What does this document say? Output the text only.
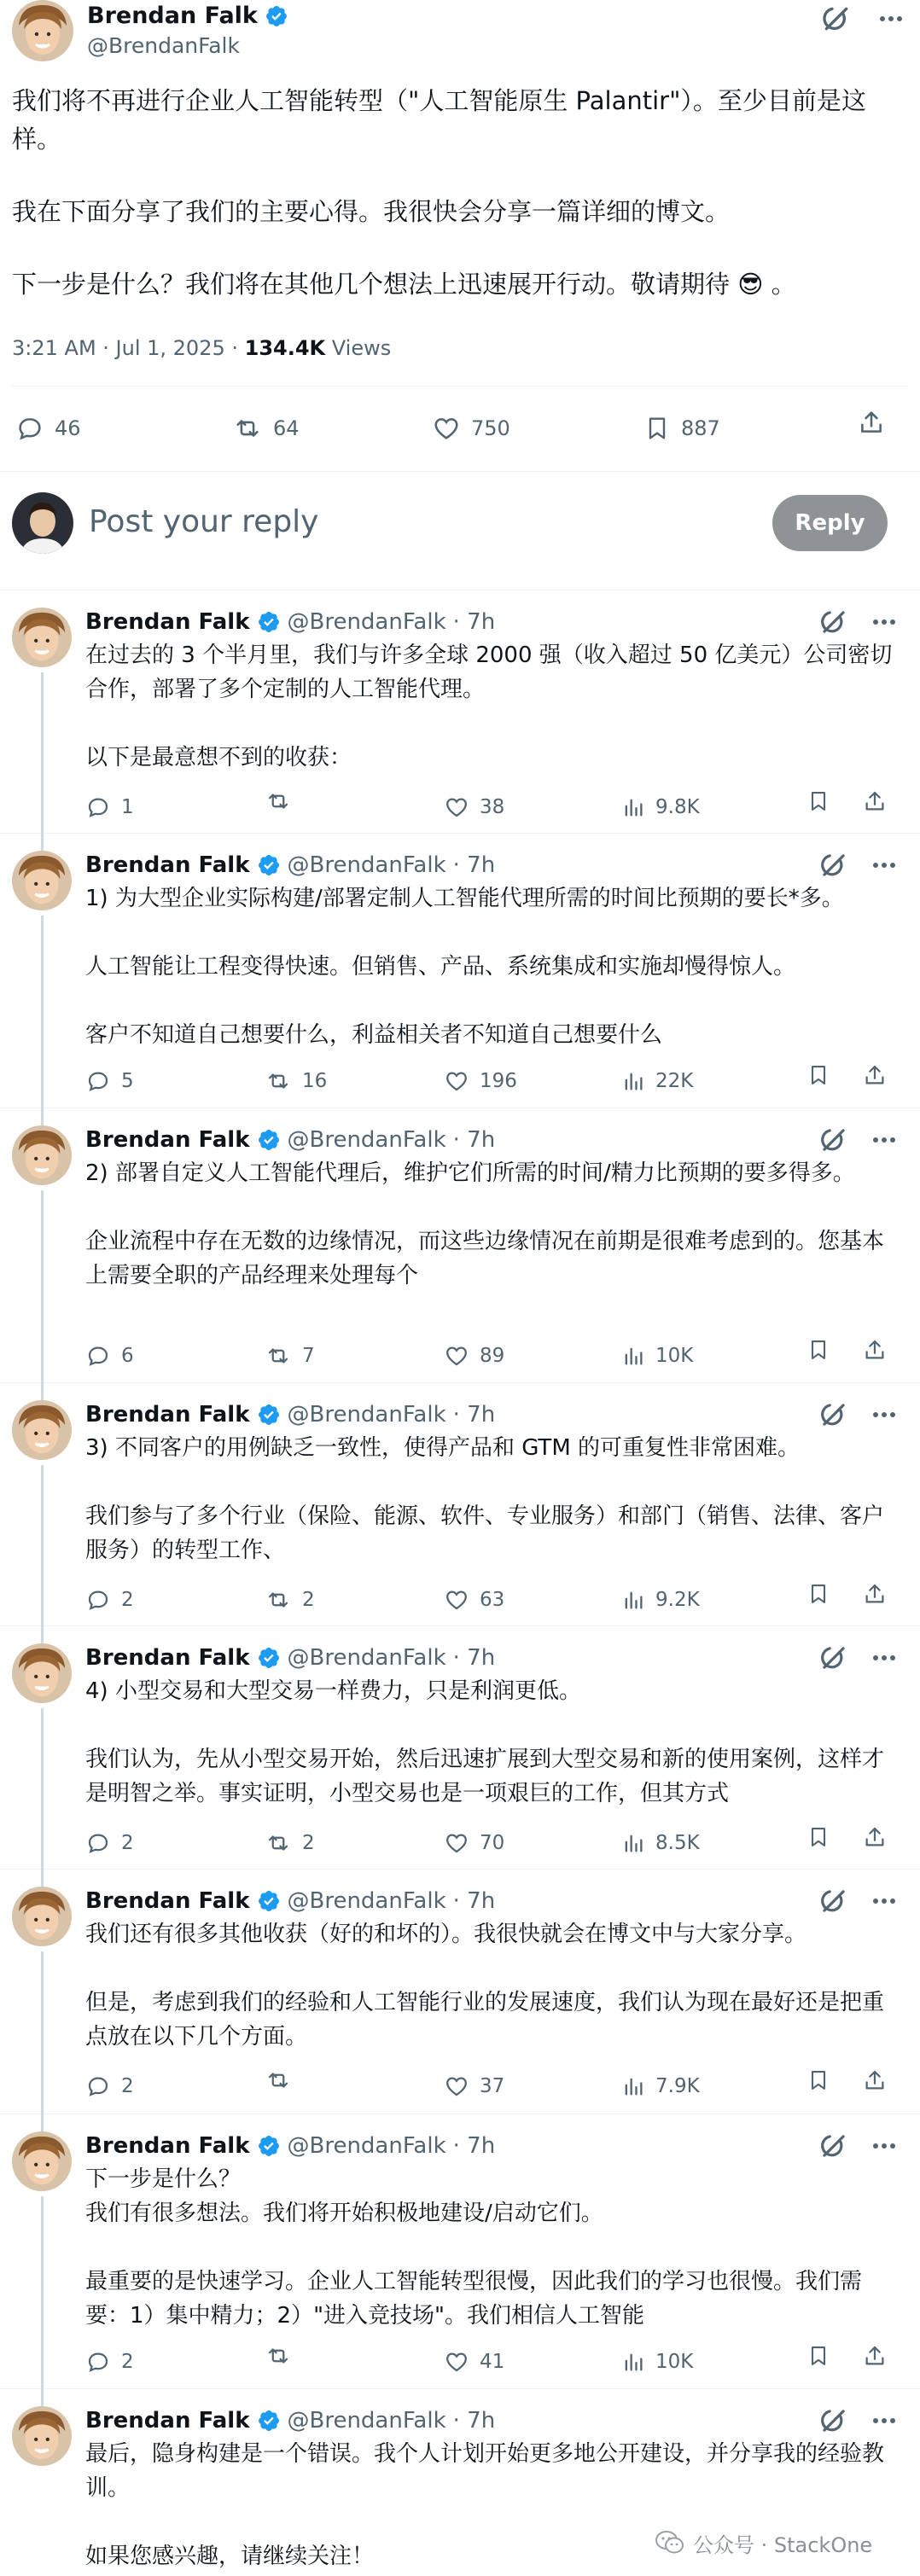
Brendan Falk
@BrendanFalk

我们将不再进行企业人工智能转型（"人工智能原生 Palantir"）。至少目前是这样。

我在下面分享了我们的主要心得。我很快会分享一篇详细的博文。

下一步是什么？我们将在其他几个想法上迅速展开行动。敬请期待 😎 。

3:21 AM · Jul 1, 2025 · 134.4K Views
46	64	750	887
Post your reply	Reply
Brendan Falk @BrendanFalk · 7h

在过去的 3 个半月里，我们与许多全球 2000 强（收入超过 50 亿美元）公司密切合作，部署了多个定制的人工智能代理。

以下是最意想不到的收获：

1	38	9.8K
Brendan Falk @BrendanFalk · 7h

1) 为大型企业实际构建/部署定制人工智能代理所需的时间比预期的要长*多。

人工智能让工程变得快速。但销售、产品、系统集成和实施却慢得惊人。

客户不知道自己想要什么，利益相关者不知道自己想要什么

5	16	196	22K
Brendan Falk @BrendanFalk · 7h

2) 部署自定义人工智能代理后，维护它们所需的时间/精力比预期的要多得多。

企业流程中存在无数的边缘情况，而这些边缘情况在前期是很难考虑到的。您基本上需要全职的产品经理来处理每个

6	7	89	10K
Brendan Falk @BrendanFalk · 7h

3) 不同客户的用例缺乏一致性，使得产品和 GTM 的可重复性非常困难。

我们参与了多个行业（保险、能源、软件、专业服务）和部门（销售、法律、客户服务）的转型工作、

2	2	63	9.2K
Brendan Falk @BrendanFalk · 7h

4) 小型交易和大型交易一样费力，只是利润更低。

我们认为，先从小型交易开始，然后迅速扩展到大型交易和新的使用案例，这样才是明智之举。事实证明，小型交易也是一项艰巨的工作，但其方式

2	2	70	8.5K
Brendan Falk @BrendanFalk · 7h

我们还有很多其他收获（好的和坏的）。我很快就会在博文中与大家分享。

但是，考虑到我们的经验和人工智能行业的发展速度，我们认为现在最好还是把重点放在以下几个方面。

2	37	7.9K
Brendan Falk @BrendanFalk · 7h

下一步是什么？
我们有很多想法。我们将开始积极地建设/启动它们。

最重要的是快速学习。企业人工智能转型很慢，因此我们的学习也很慢。我们需要：1）集中精力；2）"进入竞技场"。我们相信人工智能

2	41	10K
Brendan Falk @BrendanFalk · 7h

最后，隐身构建是一个错误。我个人计划开始更多地公开建设，并分享我的经验教训。

如果您感兴趣，请继续关注！	公众号 · StackOne
